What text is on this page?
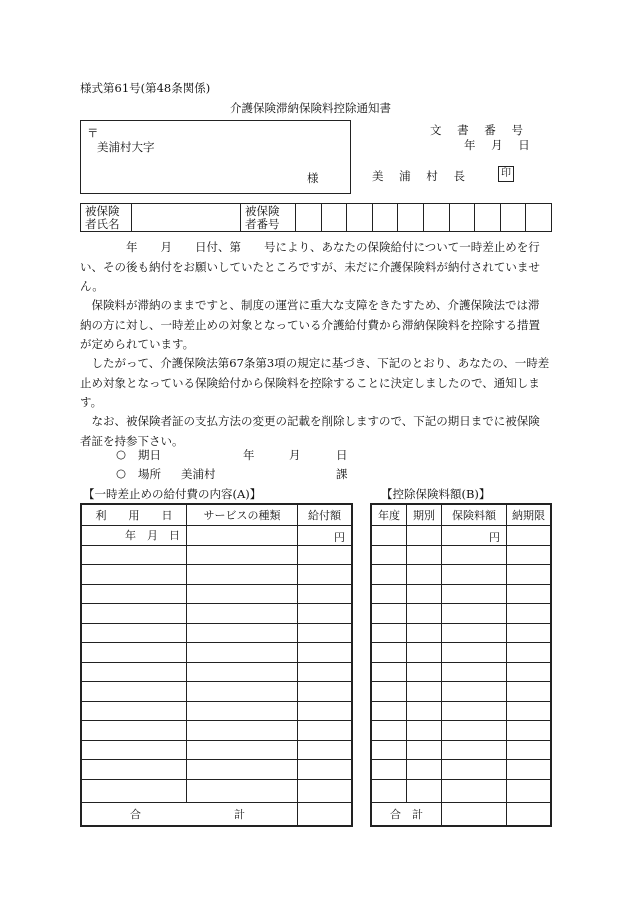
様式第61号(第48条関係)
介護保険滞納保険料控除通知書
〒
美浦村大字
様
文 書 番 号
年 月 日
美 浦 村 長	印
被保険者氏名		被保険者番号										
　　　　年　　月　　日付、第　　号により、あなたの保険給付について一時差止めを行い、その後も納付をお願いしていたところですが、未だに介護保険料が納付されていません。
　保険料が滞納のままですと、制度の運営に重大な支障をきたすため、介護保険法では滞納の方に対し、一時差止めの対象となっている介護給付費から滞納保険料を控除する措置が定められています。
　したがって、介護保険法第67条第3項の規定に基づき、下記のとおり、あなたの、一時差止め対象となっている保険給付から保険料を控除することに決定しましたので、通知します。
　なお、被保険者証の支払方法の変更の記載を削除しますので、下記の期日までに被保険者証を持参下さい。
○ 期日	年	月	日
○ 場所 美浦村	課
【一時差止めの給付費の内容(A)】	【控除保険料額(B)】
利　　用　　日	サービスの種類	給付額
年　月　日		円

合 計		

年度	期別	保険料額	納期限
		円	

合　計			
